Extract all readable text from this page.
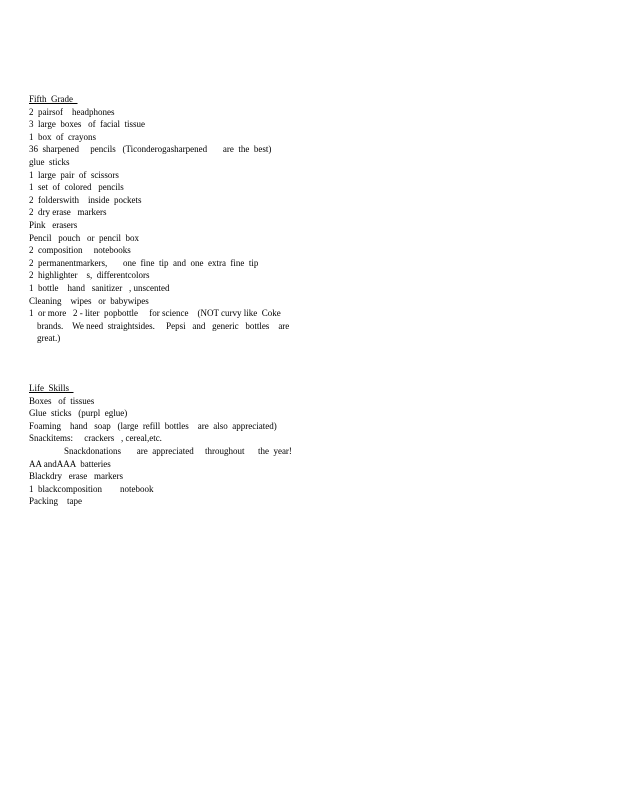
Fifth  Grade
2  pairsof    headphones
3  large  boxes   of  facial  tissue
1  box  of  crayons
36  sharpened     pencils   (Ticonderogasharpened       are  the  best)
glue  sticks
1  large  pair  of  scissors
1  set  of  colored   pencils
2  folderswith    inside  pockets
2  dry erase   markers
Pink   erasers
Pencil   pouch   or  pencil  box
2  composition     notebooks
2  permanentmarkers,       one  fine  tip  and  one  extra  fine  tip
2  highlighter    s,  differentcolors
1  bottle    hand   sanitizer   , unscented
Cleaning    wipes   or  babywipes
1  or more   2 - liter  popbottle     for science    (NOT curvy like  Coke
brands.    We need  straightsides.     Pepsi   and   generic   bottles    are
great.)
Life  Skills
Boxes   of  tissues
Glue  sticks   (purpl  eglue)
Foaming    hand   soap   (large  refill  bottles    are  also  appreciated)
Snackitems:     crackers   , cereal,etc.
Snackdonations       are  appreciated     throughout      the  year!
AA andAAA  batteries
Blackdry   erase   markers
1  blackcomposition        notebook
Packing    tape
